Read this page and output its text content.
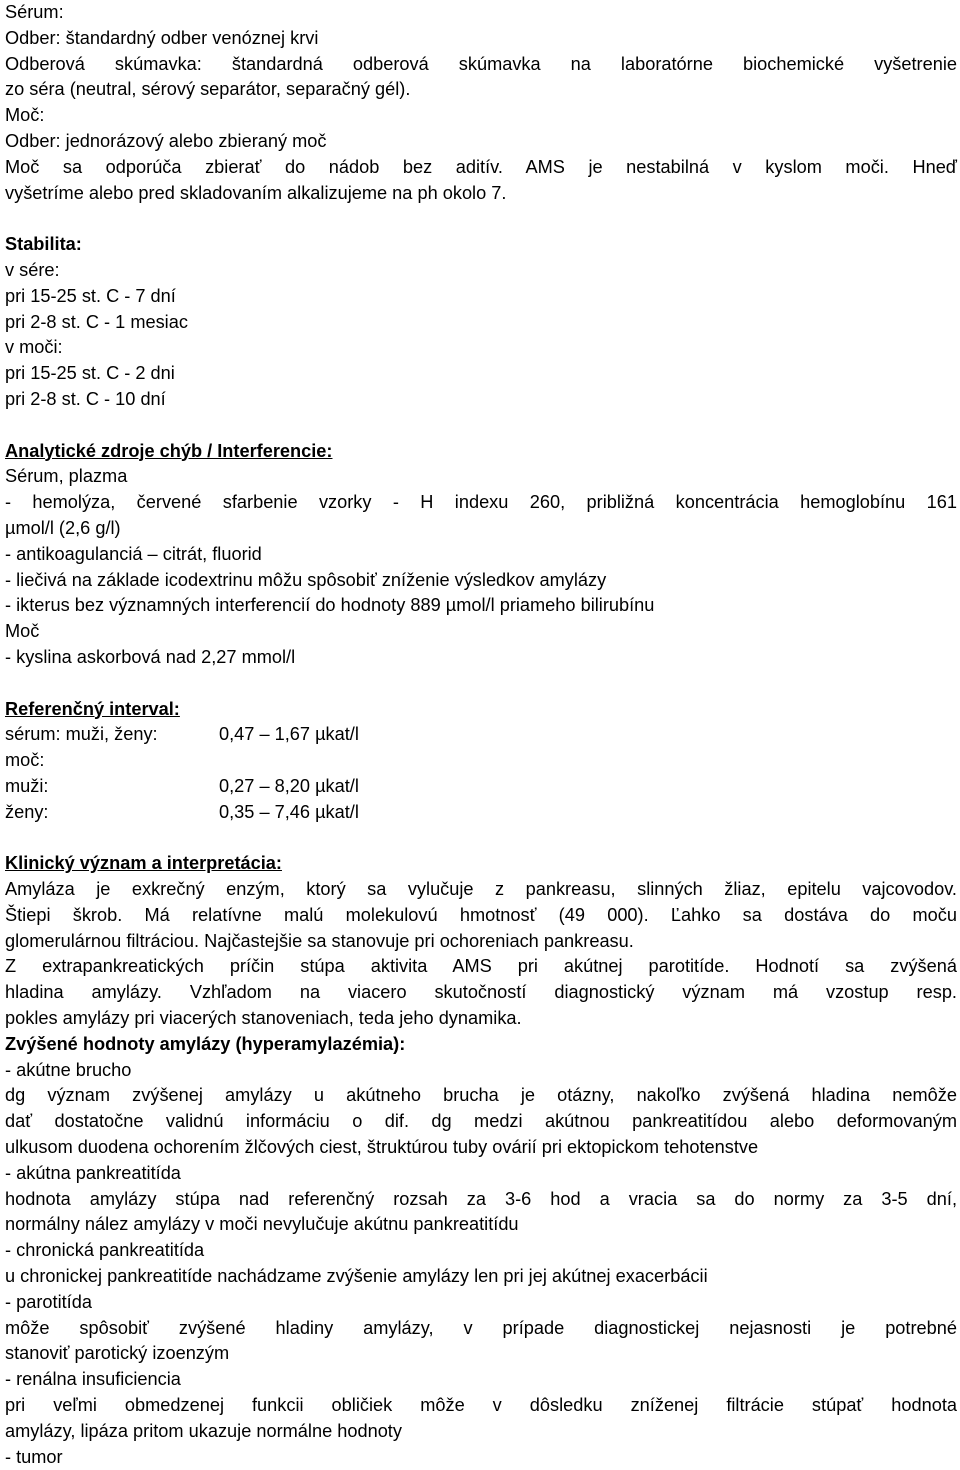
Sérum:
Odber: štandardný odber venóznej krvi
Odberová skúmavka: štandardná odberová skúmavka na laboratórne biochemické vyšetrenie
zo séra (neutral, sérový separátor, separačný gél).
Moč:
Odber: jednorázový alebo zbieraný moč
Moč sa odporúča zbierať do nádob bez aditív. AMS je nestabilná v kyslom moči. Hneď
vyšetríme alebo pred skladovaním alkalizujeme na ph okolo 7.
Stabilita:
v sére:
pri 15-25 st. C - 7 dní
pri 2-8 st. C - 1 mesiac
v moči:
pri 15-25 st. C - 2 dni
pri 2-8 st. C - 10 dní
Analytické zdroje chýb / Interferencie:
Sérum, plazma
- hemolýza, červené sfarbenie vzorky - H indexu 260, približná koncentrácia hemoglobínu 161
µmol/l (2,6 g/l)
- antikoagulanciá – citrát, fluorid
- liečivá na základe icodextrinu môžu spôsobiť zníženie výsledkov amylázy
- ikterus bez významných interferencií do hodnoty 889 µmol/l priameho bilirubínu
Moč
- kyslina askorbová nad 2,27 mmol/l
Referenčný interval:
sérum: muži, ženy:	0,47 – 1,67 µkat/l
moč:
muži:	0,27 – 8,20 µkat/l
ženy:	0,35 – 7,46 µkat/l
Klinický význam a interpretácia:
Amyláza je exkrečný enzým, ktorý sa vylučuje z pankreasu, slinných žliaz, epitelu vajcovodov.
Štiepi škrob. Má relatívne malú molekulovú hmotnosť (49 000). Ľahko sa dostáva do moču
glomerulárnou filtráciou. Najčastejšie sa stanovuje pri ochoreniach pankreasu.
Z extrapankreatických príčin stúpa aktivita AMS pri akútnej parotitíde. Hodnotí sa zvýšená
hladina amylázy. Vzhľadom na viacero skutočností diagnostický význam má vzostup resp.
pokles amylázy pri viacerých stanoveniach, teda jeho dynamika.
Zvýšené hodnoty amylázy (hyperamylazémia):
- akútne brucho
dg význam zvýšenej amylázy u akútneho brucha je otázny, nakoľko zvýšená hladina nemôže
dať dostatočne validnú informáciu o dif. dg medzi akútnou pankreatitídou alebo deformovaným
ulkusom duodena ochorením žlčových ciest, štruktúrou tuby ovárií pri ektopickom tehotenstve
- akútna pankreatitída
hodnota amylázy stúpa nad referenčný rozsah za 3-6 hod a vracia sa do normy za 3-5 dní,
normálny nález amylázy v moči nevylučuje akútnu pankreatitídu
- chronická pankreatitída
u chronickej pankreatitíde nachádzame zvýšenie amylázy len pri jej akútnej exacerbácii
- parotitída
môže spôsobiť zvýšené hladiny amylázy, v prípade diagnostickej nejasnosti je potrebné
stanoviť parotický izoenzým
- renálna insuficiencia
pri veľmi obmedzenej funkcii obličiek môže v dôsledku zníženej filtrácie stúpať hodnota
amylázy, lipáza pritom ukazuje normálne hodnoty
- tumor
